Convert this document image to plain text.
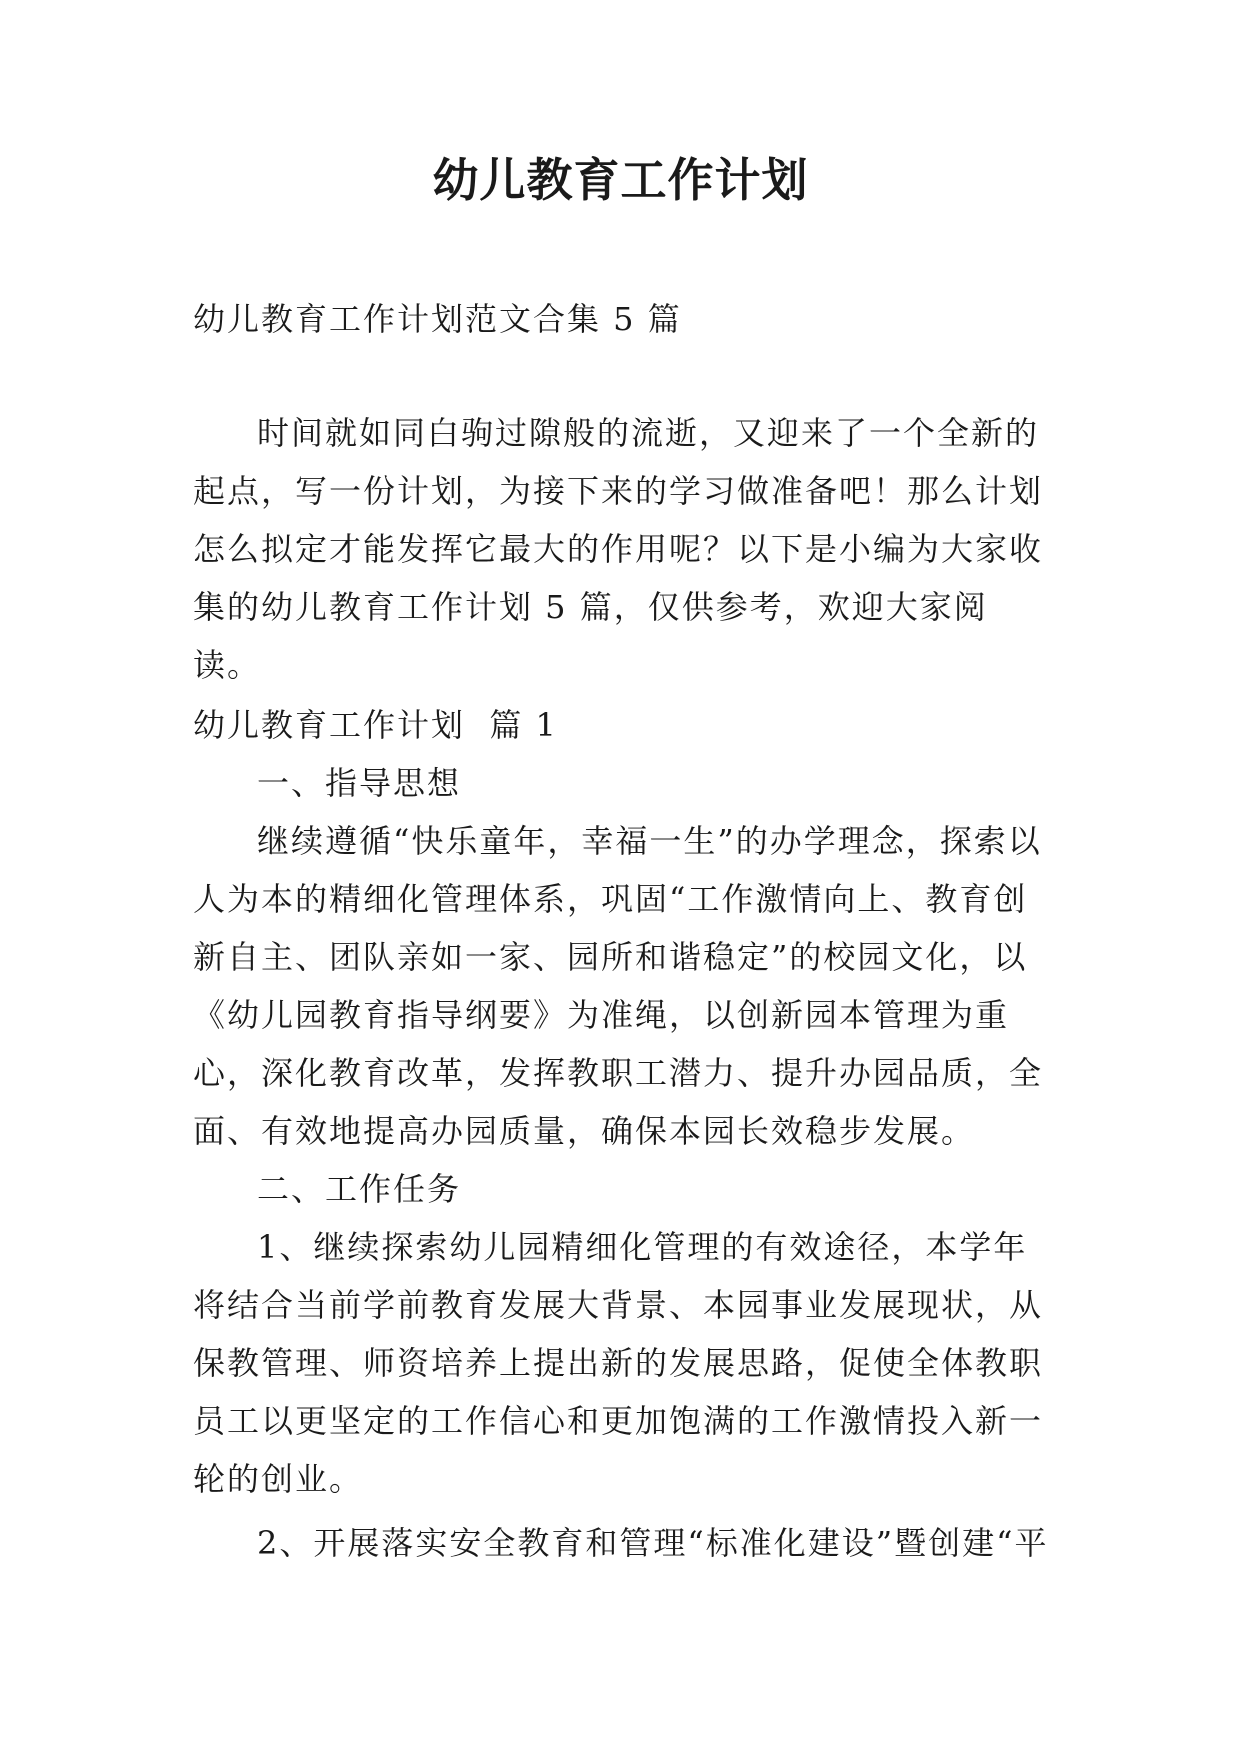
幼儿教育工作计划

幼儿教育工作计划范文合集 5 篇

时间就如同白驹过隙般的流逝，又迎来了一个全新的起点，写一份计划，为接下来的学习做准备吧！那么计划怎么拟定才能发挥它最大的作用呢？以下是小编为大家收集的幼儿教育工作计划 5 篇，仅供参考，欢迎大家阅读。

幼儿教育工作计划  篇 1

一、指导思想

继续遵循“快乐童年，幸福一生”的办学理念，探索以人为本的精细化管理体系，巩固“工作激情向上、教育创新自主、团队亲如一家、园所和谐稳定”的校园文化，以《幼儿园教育指导纲要》为准绳，以创新园本管理为重心，深化教育改革，发挥教职工潜力、提升办园品质，全面、有效地提高办园质量，确保本园长效稳步发展。

二、工作任务

1、继续探索幼儿园精细化管理的有效途径，本学年将结合当前学前教育发展大背景、本园事业发展现状，从保教管理、师资培养上提出新的发展思路，促使全体教职员工以更坚定的工作信心和更加饱满的工作激情投入新一轮的创业。

2、开展落实安全教育和管理“标准化建设”暨创建“平
